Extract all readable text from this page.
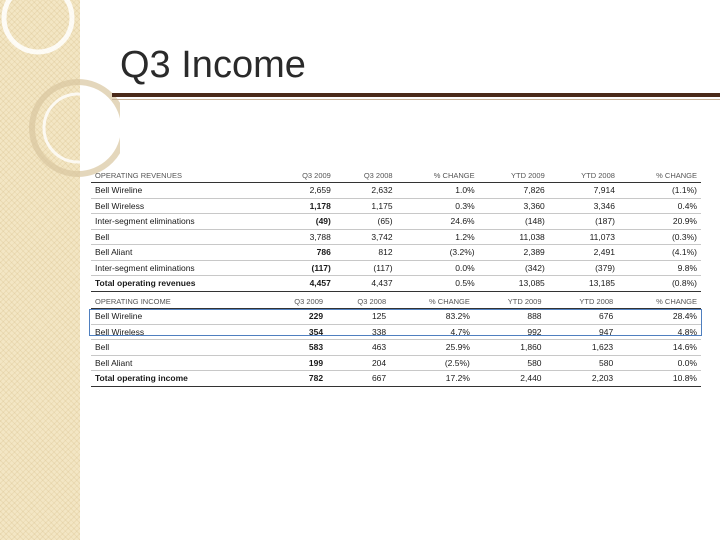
Q3 Income
OPERATING REVENUES	Q3 2009	Q3 2008	% CHANGE	YTD 2009	YTD 2008	% CHANGE
Bell Wireline	2,659	2,632	1.0%	7,826	7,914	(1.1%)
Bell Wireless	1,178	1,175	0.3%	3,360	3,346	0.4%
Inter-segment eliminations	(49)	(65)	24.6%	(148)	(187)	20.9%
Bell	3,788	3,742	1.2%	11,038	11,073	(0.3%)
Bell Aliant	786	812	(3.2%)	2,389	2,491	(4.1%)
Inter-segment eliminations	(117)	(117)	0.0%	(342)	(379)	9.8%
Total operating revenues	4,457	4,437	0.5%	13,085	13,185	(0.8%)
OPERATING INCOME	Q3 2009	Q3 2008	% CHANGE	YTD 2009	YTD 2008	% CHANGE
Bell Wireline	229	125	83.2%	888	676	28.4%
Bell Wireless	354	338	4.7%	992	947	4.8%
Bell	583	463	25.9%	1,860	1,623	14.6%
Bell Aliant	199	204	(2.5%)	580	580	0.0%
Total operating income	782	667	17.2%	2,440	2,203	10.8%
